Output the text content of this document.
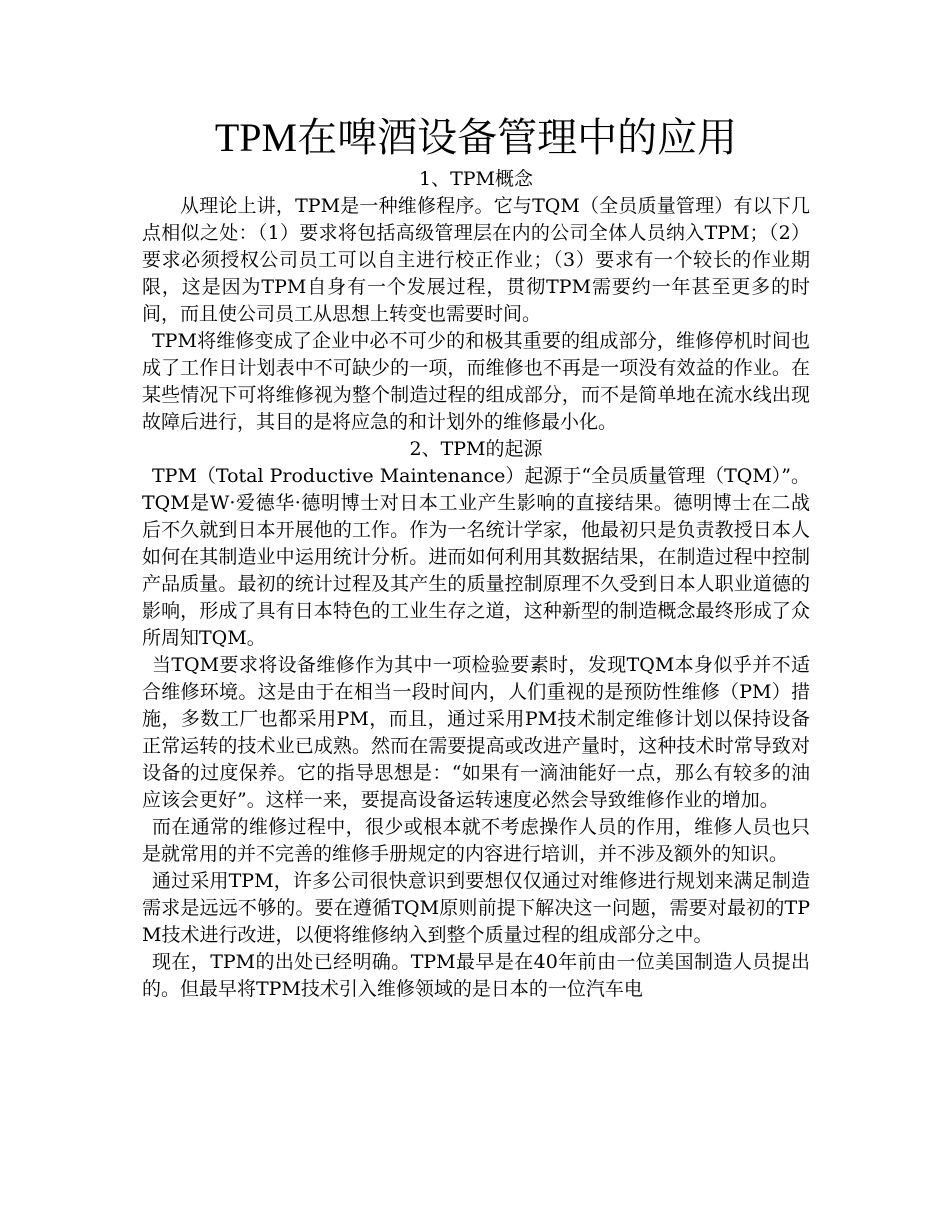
TPM在啤酒设备管理中的应用

1、TPM概念

从理论上讲，TPM是一种维修程序。它与TQM（全员质量管理）有以下几点相似之处：（1）要求将包括高级管理层在内的公司全体人员纳入TPM；（2）要求必须授权公司员工可以自主进行校正作业；（3）要求有一个较长的作业期限，这是因为TPM自身有一个发展过程，贯彻TPM需要约一年甚至更多的时间，而且使公司员工从思想上转变也需要时间。

TPM将维修变成了企业中必不可少的和极其重要的组成部分，维修停机时间也成了工作日计划表中不可缺少的一项，而维修也不再是一项没有效益的作业。在某些情况下可将维修视为整个制造过程的组成部分，而不是简单地在流水线出现故障后进行，其目的是将应急的和计划外的维修最小化。

2、TPM的起源

TPM（Total Productive Maintenance）起源于“全员质量管理（TQM）”。TQM是W·爱德华·德明博士对日本工业产生影响的直接结果。德明博士在二战后不久就到日本开展他的工作。作为一名统计学家，他最初只是负责教授日本人如何在其制造业中运用统计分析。进而如何利用其数据结果，在制造过程中控制产品质量。最初的统计过程及其产生的质量控制原理不久受到日本人职业道德的影响，形成了具有日本特色的工业生存之道，这种新型的制造概念最终形成了众所周知TQM。

当TQM要求将设备维修作为其中一项检验要素时，发现TQM本身似乎并不适合维修环境。这是由于在相当一段时间内，人们重视的是预防性维修（PM）措施，多数工厂也都采用PM，而且，通过采用PM技术制定维修计划以保持设备正常运转的技术业已成熟。然而在需要提高或改进产量时，这种技术时常导致对设备的过度保养。它的指导思想是：“如果有一滴油能好一点，那么有较多的油应该会更好”。这样一来，要提高设备运转速度必然会导致维修作业的增加。

而在通常的维修过程中，很少或根本就不考虑操作人员的作用，维修人员也只是就常用的并不完善的维修手册规定的内容进行培训，并不涉及额外的知识。

通过采用TPM，许多公司很快意识到要想仅仅通过对维修进行规划来满足制造需求是远远不够的。要在遵循TQM原则前提下解决这一问题，需要对最初的TPM技术进行改进，以便将维修纳入到整个质量过程的组成部分之中。

现在，TPM的出处已经明确。TPM最早是在40年前由一位美国制造人员提出的。但最早将TPM技术引入维修领域的是日本的一位汽车电
